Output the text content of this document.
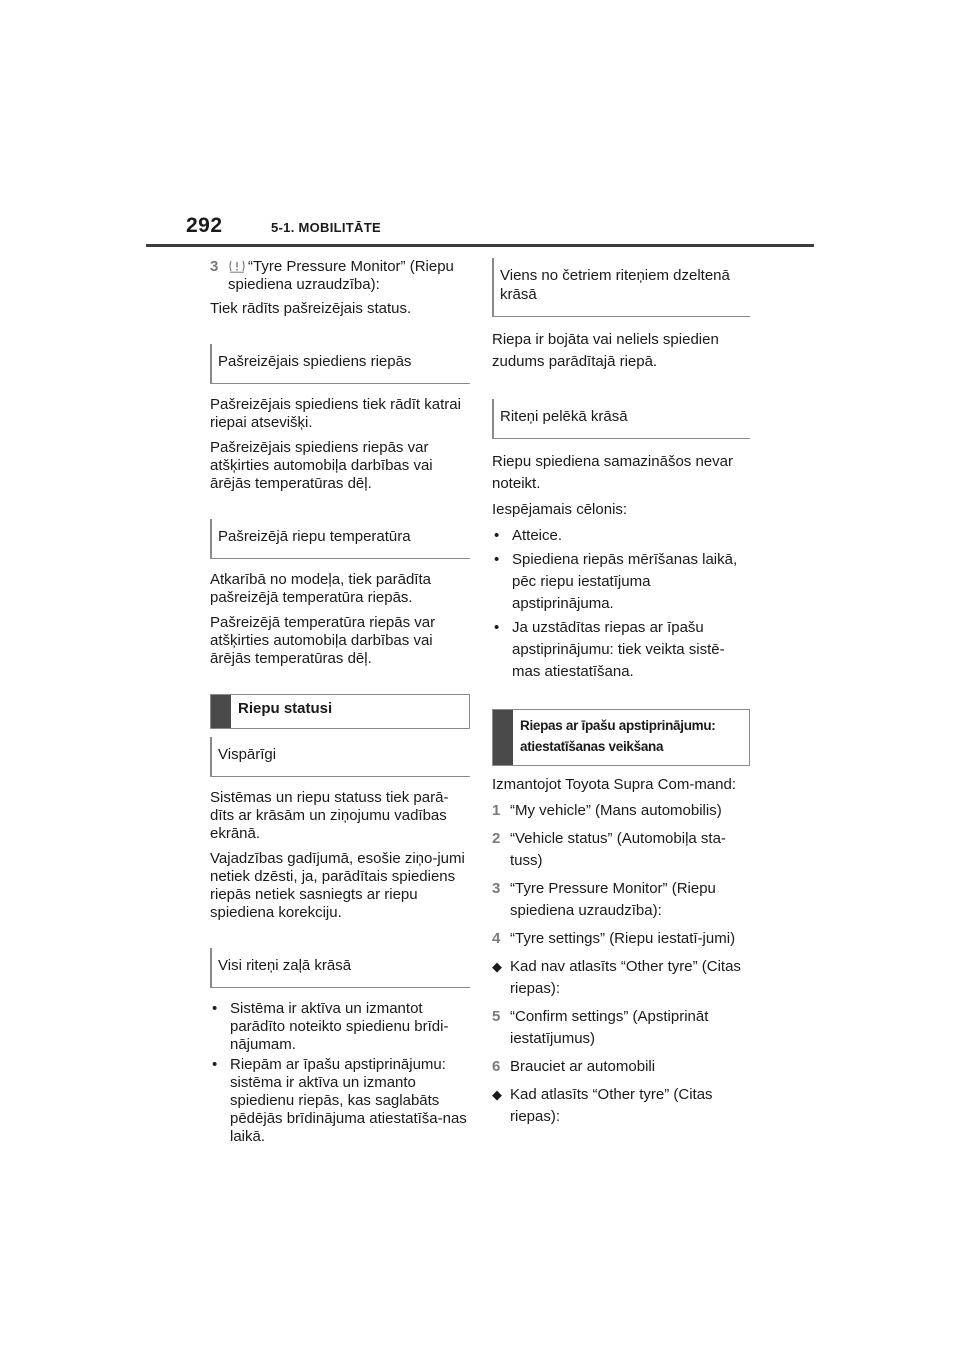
292	5-1. MOBILITĀTE
3	“Tyre Pressure Monitor” (Riepu spiediena uzraudzība):

Tiek rādīts pašreizējais status.

Pašreizējais spiediens riepās

Pašreizējais spiediens tiek rādīt katrai riepai atsevišķi.

Pašreizējais spiediens riepās var atšķirties automobiļa darbības vai ārējās temperatūras dēļ.

Pašreizējā riepu temperatūra

Atkarībā no modeļa, tiek parādīta pašreizējā temperatūra riepās.

Pašreizējā temperatūra riepās var atšķirties automobiļa darbības vai ārējās temperatūras dēļ.

Riepu statusi
Vispārīgi

Sistēmas un riepu statuss tiek parā-dīts ar krāsām un ziņojumu vadības ekrānā.

Vajadzības gadījumā, esošie ziņo-jumi netiek dzēsti, ja, parādītais spiediens riepās netiek sasniegts ar riepu spiediena korekciju.

Visi riteņi zaļā krāsā
• Sistēma ir aktīva un izmantot parādīto noteikto spiedienu brīdi-nājumam.
• Riepām ar īpašu apstiprinājumu: sistēma ir aktīva un izmanto spiedienu riepās, kas saglabāts pēdējās brīdinājuma atiestatīša-nas laikā.
Viens no četriem riteņiem dzeltenā krāsā

Riepa ir bojāta vai neliels spiedien zudums parādītajā riepā.

Riteņi pelēkā krāsā

Riepu spiediena samazināšos nevar noteikt.

Iespējamais cēlonis:

• Atteice.
• Spiediena riepās mērīšanas laikā, pēc riepu iestatījuma apstiprinājuma.
• Ja uzstādītas riepas ar īpašu apstiprinājumu: tiek veikta sistē-mas atiestatīšana.
Riepas ar īpašu apstiprinājumu: atiestatīšanas veikšana

Izmantojot Toyota Supra Com-mand:

1 “My vehicle” (Mans automobilis)
2 “Vehicle status” (Automobiļa sta-tuss)
3 “Tyre Pressure Monitor” (Riepu spiediena uzraudzība):
4 “Tyre settings” (Riepu iestatī-jumi)
◆ Kad nav atlasīts “Other tyre” (Citas riepas):
5 “Confirm settings” (Apstiprināt iestatījumus)
6 Brauciet ar automobili
◆ Kad atlasīts “Other tyre” (Citas riepas):
